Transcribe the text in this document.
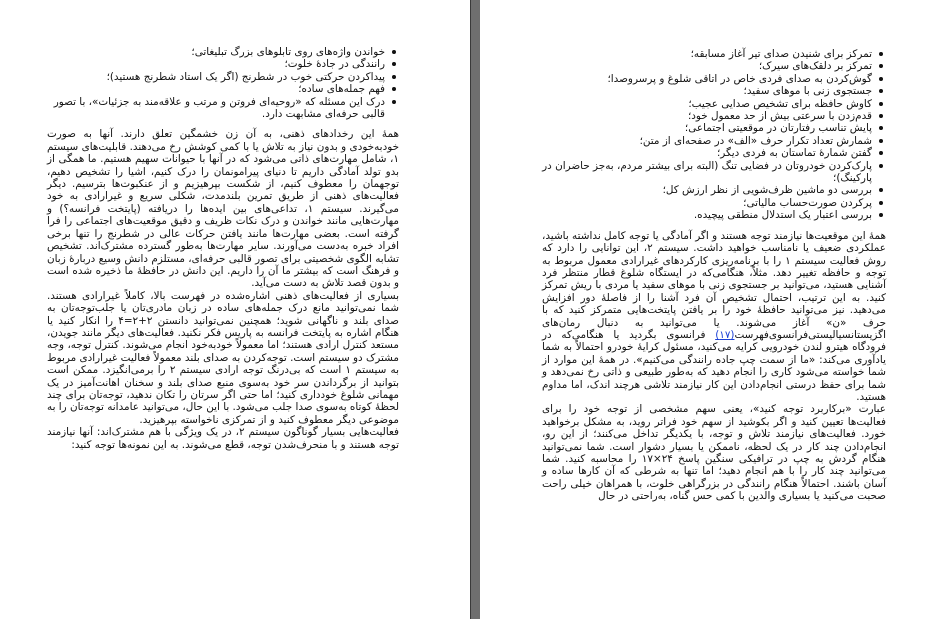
خواندن واژه‌های روی تابلوهای بزرگ تبلیغاتی؛
رانندگی در جادهٔ خلوت؛
پیداکردن حرکتی خوب در شطرنج (اگر یک استاد شطرنج هستید)؛
فهم جمله‌های ساده؛
درک این مسئله که «روحیه‌ای فروتن و مرتب و علاقه‌مند به جزئیات»، با تصور قالبی حرفه‌ای مشابهت دارد.

همهٔ این رخدادهای ذهنی، به آن زن خشمگین تعلق دارند. آنها به صورت خودبه‌خودی و بدون نیاز به تلاش یا با کمی کوشش رخ می‌دهند. قابلیت‌های سیستم ۱، شامل مهارت‌های ذاتی می‌شود که در آنها با حیوانات سهیم هستیم. ما همگی از بدو تولد آمادگی داریم تا دنیای پیرامونمان را درک کنیم، اشیا را تشخیص دهیم، توجهمان را معطوف کنیم، از شکست بپرهیزیم و از عنکبوت‌ها بترسیم. دیگر فعالیت‌های ذهنی از طریق تمرین بلندمدت، شکلی سریع و غیرارادی به خود می‌گیرند. سیستم ۱، تداعی‌های بین ایده‌ها را دریافته (پایتخت فرانسه؟) و مهارت‌هایی مانند خواندن و درک نکات ظریف و دقیق موقعیت‌های اجتماعی را فرا گرفته است. بعضی مهارت‌ها مانند یافتن حرکات عالی در شطرنج را تنها برخی افراد خبره به‌دست می‌آورند. سایر مهارت‌ها به‌طور گسترده مشترک‌اند. تشخیص تشابه الگوی شخصیتی برای تصور قالبی حرفه‌ای، مستلزم دانش وسیع دربارهٔ زبان و فرهنگ است که بیشتر ما آن را داریم. این دانش در حافظهٔ ما ذخیره شده است و بدون قصد تلاش به دست می‌آید.

بسیاری از فعالیت‌های ذهنی اشاره‌شده در فهرست بالا، کاملاً غیرارادی هستند. شما نمی‌توانید مانع درک جمله‌های ساده در زبان مادری‌تان یا جلب‌توجه‌تان به صدای بلند و ناگهانی شوید؛ همچنین نمی‌توانید دانستن ۲+۲=۴ را انکار کنید یا هنگام اشاره به پایتخت فرانسه به پاریس فکر نکنید. فعالیت‌های دیگر مانند جویدن، مستعد کنترل ارادی هستند؛ اما معمولاً خودبه‌خود انجام می‌شوند. کنترل توجه، وجه مشترک دو سیستم است. توجه‌کردن به صدای بلند معمولاً فعالیت غیرارادی مربوط به سیستم ۱ است که بی‌درنگ توجه ارادی سیستم ۲ را برمی‌انگیزد. ممکن است بتوانید از برگرداندن سر خود به‌سوی منبع صدای بلند و سخنان اهانت‌آمیز در یک مهمانی شلوغ خودداری کنید؛ اما حتی اگر سرتان را تکان ندهید، توجه‌تان برای چند لحظهٔ کوتاه به‌سوی صدا جلب می‌شود. با این حال، می‌توانید عامدانه توجه‌تان را به موضوعی دیگر معطوف کنید و از تمرکزی ناخواسته بپرهیزید.

فعالیت‌هایی بسیار گوناگون سیستم ۲، در یک ویژگی با هم مشترک‌اند: آنها نیازمند توجه هستند و با منحرف‌شدن توجه، قطع می‌شوند. به این نمونه‌ها توجه کنید:

تمرکز برای شنیدن صدای تیر آغاز مسابقه؛
تمرکز بر دلقک‌های سیرک؛
گوش‌کردن به صدای فردی خاص در اتاقی شلوغ و پرسروصدا؛
جستجوی زنی با موهای سفید؛
کاوش حافظه برای تشخیص صدایی عجیب؛
قدم‌زدن با سرعتی بیش از حد معمول خود؛
پایش تناسب رفتارتان در موقعیتی اجتماعی؛
شمارش تعداد تکرار حرف «الف» در صفحه‌ای از متن؛
گفتن شمارهٔ تماستان به فردی دیگر؛
پارک‌کردن خودروتان در فضایی تنگ (البته برای بیشتر مردم، به‌جز حاضران در پارکینگ)؛
بررسی دو ماشین ظرف‌شویی از نظر ارزش کل؛
پرکردن صورت‌حساب مالیاتی؛
بررسی اعتبار یک استدلال منطقی پیچیده.

همهٔ این موقعیت‌ها نیازمند توجه هستند و اگر آمادگی یا توجه کامل نداشته باشید، عملکردی ضعیف یا نامناسب خواهید داشت. سیستم ۲، این توانایی را دارد که روش فعالیت سیستم ۱ را با برنامه‌ریزی کارکردهای غیرارادی معمول مربوط به توجه و حافظه تغییر دهد. مثلاً، هنگامی‌که در ایستگاه شلوغ قطار منتظر فرد آشنایی هستید، می‌توانید بر جستجوی زنی با موهای سفید یا مردی با ریش تمرکز کنید. به این ترتیب، احتمال تشخیص آن فرد آشنا را از فاصلهٔ دور افزایش می‌دهید. نیز می‌توانید حافظهٔ خود را بر یافتن پایتخت‌هایی متمرکز کنید که با حرف «ن» آغاز می‌شوند. یا می‌توانید به دنبال رمان‌های اگزیستانسیالیستی‌فرانسوی‌فهرست(۱۷) فرانسوی بگردید یا هنگامی‌که در فرودگاه هیترو لندن خودرویی کرایه می‌کنید، مسئول کرایهٔ خودرو احتمالاً به شما یادآوری می‌کند: «ما از سمت چپ جاده رانندگی می‌کنیم». در همهٔ این موارد از شما خواسته می‌شود کاری را انجام دهید که به‌طور طبیعی و ذاتی رخ نمی‌دهد و شما برای حفظ درستی انجام‌دادن این کار نیازمند تلاشی هرچند اندک، اما مداوم هستید.

عبارت «برکاربرد توجه کنید»، یعنی سهم مشخصی از توجه خود را برای فعالیت‌ها تعیین کنید و اگر بکوشید از سهم خود فراتر روید، به مشکل برخواهید خورد. فعالیت‌های نیازمند تلاش و توجه، با یکدیگر تداخل می‌کنند؛ از این رو، انجام‌دادن چند کار در یک لحظه، ناممکن یا بسیار دشوار است. شما نمی‌توانید هنگام گردش به چپ در ترافیکی سنگین پاسخ ۲۴×۱۷ را محاسبه کنید. شما می‌توانید چند کار را با هم انجام دهید؛ اما تنها به شرطی که آن کارها ساده و آسان باشند. احتمالاً هنگام رانندگی در بزرگراهی خلوت، با همراهان خیلی راحت صحبت می‌کنید یا بسیاری والدین با کمی حس گناه، به‌راحتی در حال
